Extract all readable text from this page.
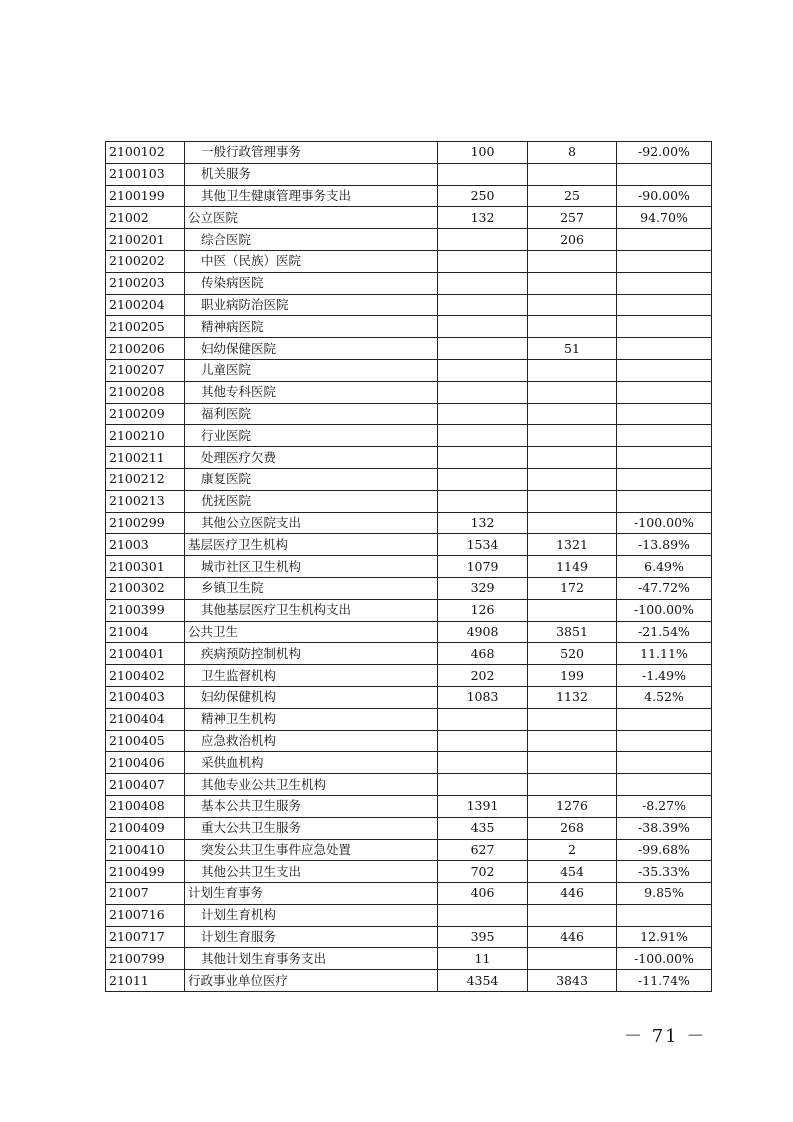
2100102	一般行政管理事务	100	8	-92.00%
2100103	机关服务			
2100199	其他卫生健康管理事务支出	250	25	-90.00%
21002	公立医院	132	257	94.70%
2100201	综合医院		206	
2100202	中医（民族）医院			
2100203	传染病医院			
2100204	职业病防治医院			
2100205	精神病医院			
2100206	妇幼保健医院		51	
2100207	儿童医院			
2100208	其他专科医院			
2100209	福利医院			
2100210	行业医院			
2100211	处理医疗欠费			
2100212	康复医院			
2100213	优抚医院			
2100299	其他公立医院支出	132		-100.00%
21003	基层医疗卫生机构	1534	1321	-13.89%
2100301	城市社区卫生机构	1079	1149	6.49%
2100302	乡镇卫生院	329	172	-47.72%
2100399	其他基层医疗卫生机构支出	126		-100.00%
21004	公共卫生	4908	3851	-21.54%
2100401	疾病预防控制机构	468	520	11.11%
2100402	卫生监督机构	202	199	-1.49%
2100403	妇幼保健机构	1083	1132	4.52%
2100404	精神卫生机构			
2100405	应急救治机构			
2100406	采供血机构			
2100407	其他专业公共卫生机构			
2100408	基本公共卫生服务	1391	1276	-8.27%
2100409	重大公共卫生服务	435	268	-38.39%
2100410	突发公共卫生事件应急处置	627	2	-99.68%
2100499	其他公共卫生支出	702	454	-35.33%
21007	计划生育事务	406	446	9.85%
2100716	计划生育机构			
2100717	计划生育服务	395	446	12.91%
2100799	其他计划生育事务支出	11		-100.00%
21011	行政事业单位医疗	4354	3843	-11.74%
－ 71 －
